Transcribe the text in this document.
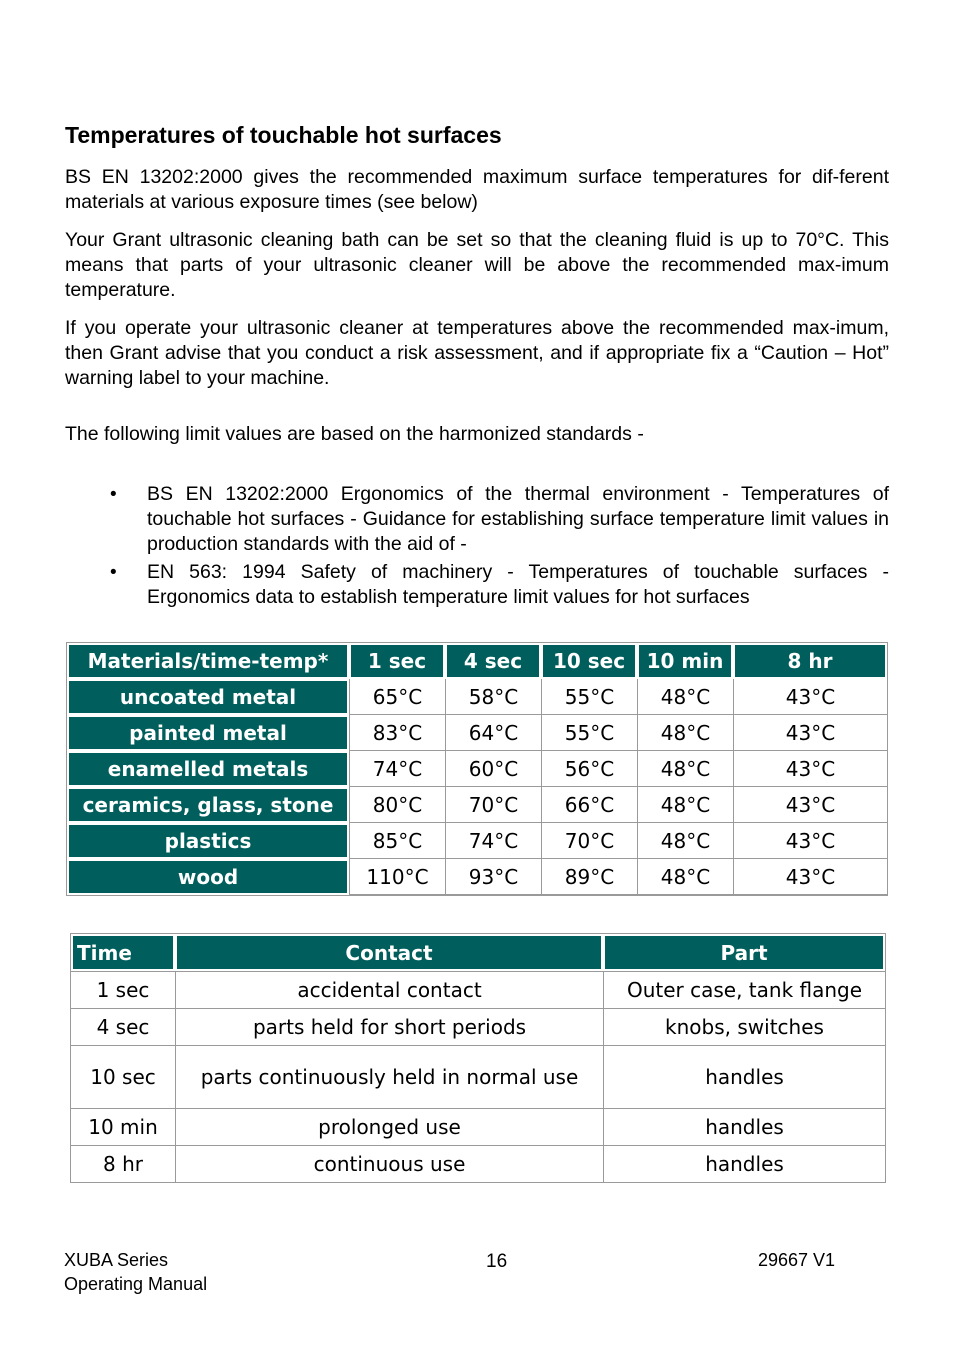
Temperatures of touchable hot surfaces

BS EN 13202:2000 gives the recommended maximum surface temperatures for dif-ferent materials at various exposure times (see below)

Your Grant ultrasonic cleaning bath can be set so that the cleaning fluid is up to 70°C. This means that parts of your ultrasonic cleaner will be above the recommended max-imum temperature.

If you operate your ultrasonic cleaner at temperatures above the recommended max-imum, then Grant advise that you conduct a risk assessment, and if appropriate fix a “Caution – Hot” warning label to your machine.

The following limit values are based on the harmonized standards -

• BS EN 13202:2000 Ergonomics of the thermal environment - Temperatures of touchable hot surfaces - Guidance for establishing surface temperature limit values in production standards with the aid of -
• EN 563: 1994 Safety of machinery - Temperatures of touchable surfaces - Ergonomics data to establish temperature limit values for hot surfaces
Materials/time-temp*	1 sec	4 sec	10 sec	10 min	8 hr
uncoated metal	65°C	58°C	55°C	48°C	43°C
painted metal	83°C	64°C	55°C	48°C	43°C
enamelled metals	74°C	60°C	56°C	48°C	43°C
ceramics, glass, stone	80°C	70°C	66°C	48°C	43°C
plastics	85°C	74°C	70°C	48°C	43°C
wood	110°C	93°C	89°C	48°C	43°C
Time	Contact	Part
1 sec	accidental contact	Outer case, tank flange
4 sec	parts held for short periods	knobs, switches
10 sec	parts continuously held in normal use	handles
10 min	prolonged use	handles
8 hr	continuous use	handles
XUBA Series
Operating Manual
16	29667 V1
